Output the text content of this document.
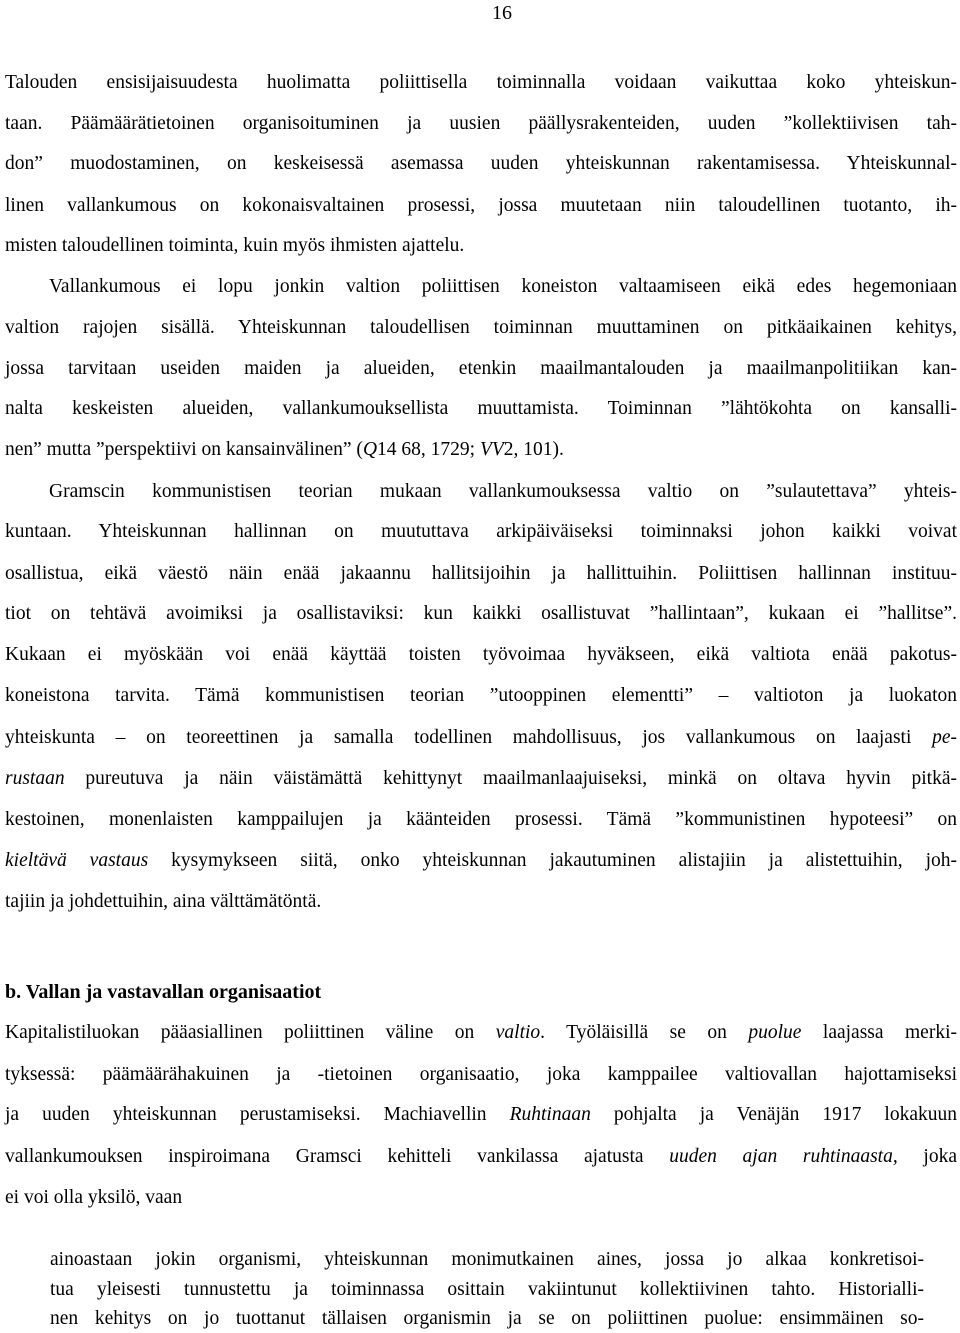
16
Talouden ensisijaisuudesta huolimatta poliittisella toiminnalla voidaan vaikuttaa koko yhteiskun-
taan. Päämäärätietoinen organisoituminen ja uusien päällysrakenteiden, uuden ”kollektiivisen tah-
don” muodostaminen, on keskeisessä asemassa uuden yhteiskunnan rakentamisessa. Yhteiskunnal-
linen vallankumous on kokonaisvaltainen prosessi, jossa muutetaan niin taloudellinen tuotanto, ih-
misten taloudellinen toiminta, kuin myös ihmisten ajattelu.
Vallankumous ei lopu jonkin valtion poliittisen koneiston valtaamiseen eikä edes hegemoniaan
valtion rajojen sisällä. Yhteiskunnan taloudellisen toiminnan muuttaminen on pitkäaikainen kehitys,
jossa tarvitaan useiden maiden ja alueiden, etenkin maailmantalouden ja maailmanpolitiikan kan-
nalta keskeisten alueiden, vallankumouksellista muuttamista. Toiminnan ”lähtökohta on kansalli-
nen” mutta ”perspektiivi on kansainvälinen” (Q14 68, 1729; VV2, 101).
Gramscin kommunistisen teorian mukaan vallankumouksessa valtio on ”sulautettava” yhteis-
kuntaan. Yhteiskunnan hallinnan on muututtava arkipäiväiseksi toiminnaksi johon kaikki voivat
osallistua, eikä väestö näin enää jakaannu hallitsijoihin ja hallittuihin. Poliittisen hallinnan instituu-
tiot on tehtävä avoimiksi ja osallistaviksi: kun kaikki osallistuvat ”hallintaan”, kukaan ei ”hallitse”.
Kukaan ei myöskään voi enää käyttää toisten työvoimaa hyväkseen, eikä valtiota enää pakotus-
koneistona tarvita. Tämä kommunistisen teorian ”utooppinen elementti” – valtioton ja luokaton
yhteiskunta – on teoreettinen ja samalla todellinen mahdollisuus, jos vallankumous on laajasti pe-
rustaan pureutuva ja näin väistämättä kehittynyt maailmanlaajuiseksi, minkä on oltava hyvin pitkä-
kestoinen, monenlaisten kamppailujen ja käänteiden prosessi. Tämä ”kommunistinen hypoteesi” on
kieltävä vastaus kysymykseen siitä, onko yhteiskunnan jakautuminen alistajiin ja alistettuihin, joh-
tajiin ja johdettuihin, aina välttämätöntä.
b. Vallan ja vastavallan organisaatiot
Kapitalistiluokan pääasiallinen poliittinen väline on valtio. Työläisillä se on puolue laajassa merki-
tyksessä: päämäärähakuinen ja -tietoinen organisaatio, joka kamppailee valtiovallan hajottamiseksi
ja uuden yhteiskunnan perustamiseksi. Machiavellin Ruhtinaan pohjalta ja Venäjän 1917 lokakuun
vallankumouksen inspiroimana Gramsci kehitteli vankilassa ajatusta uuden ajan ruhtinaasta, joka
ei voi olla yksilö, vaan
ainoastaan jokin organismi, yhteiskunnan monimutkainen aines, jossa jo alkaa konkretisoi-
tua yleisesti tunnustettu ja toiminnassa osittain vakiintunut kollektiivinen tahto. Historialli-
nen kehitys on jo tuottanut tällaisen organismin ja se on poliittinen puolue: ensimmäinen so-
